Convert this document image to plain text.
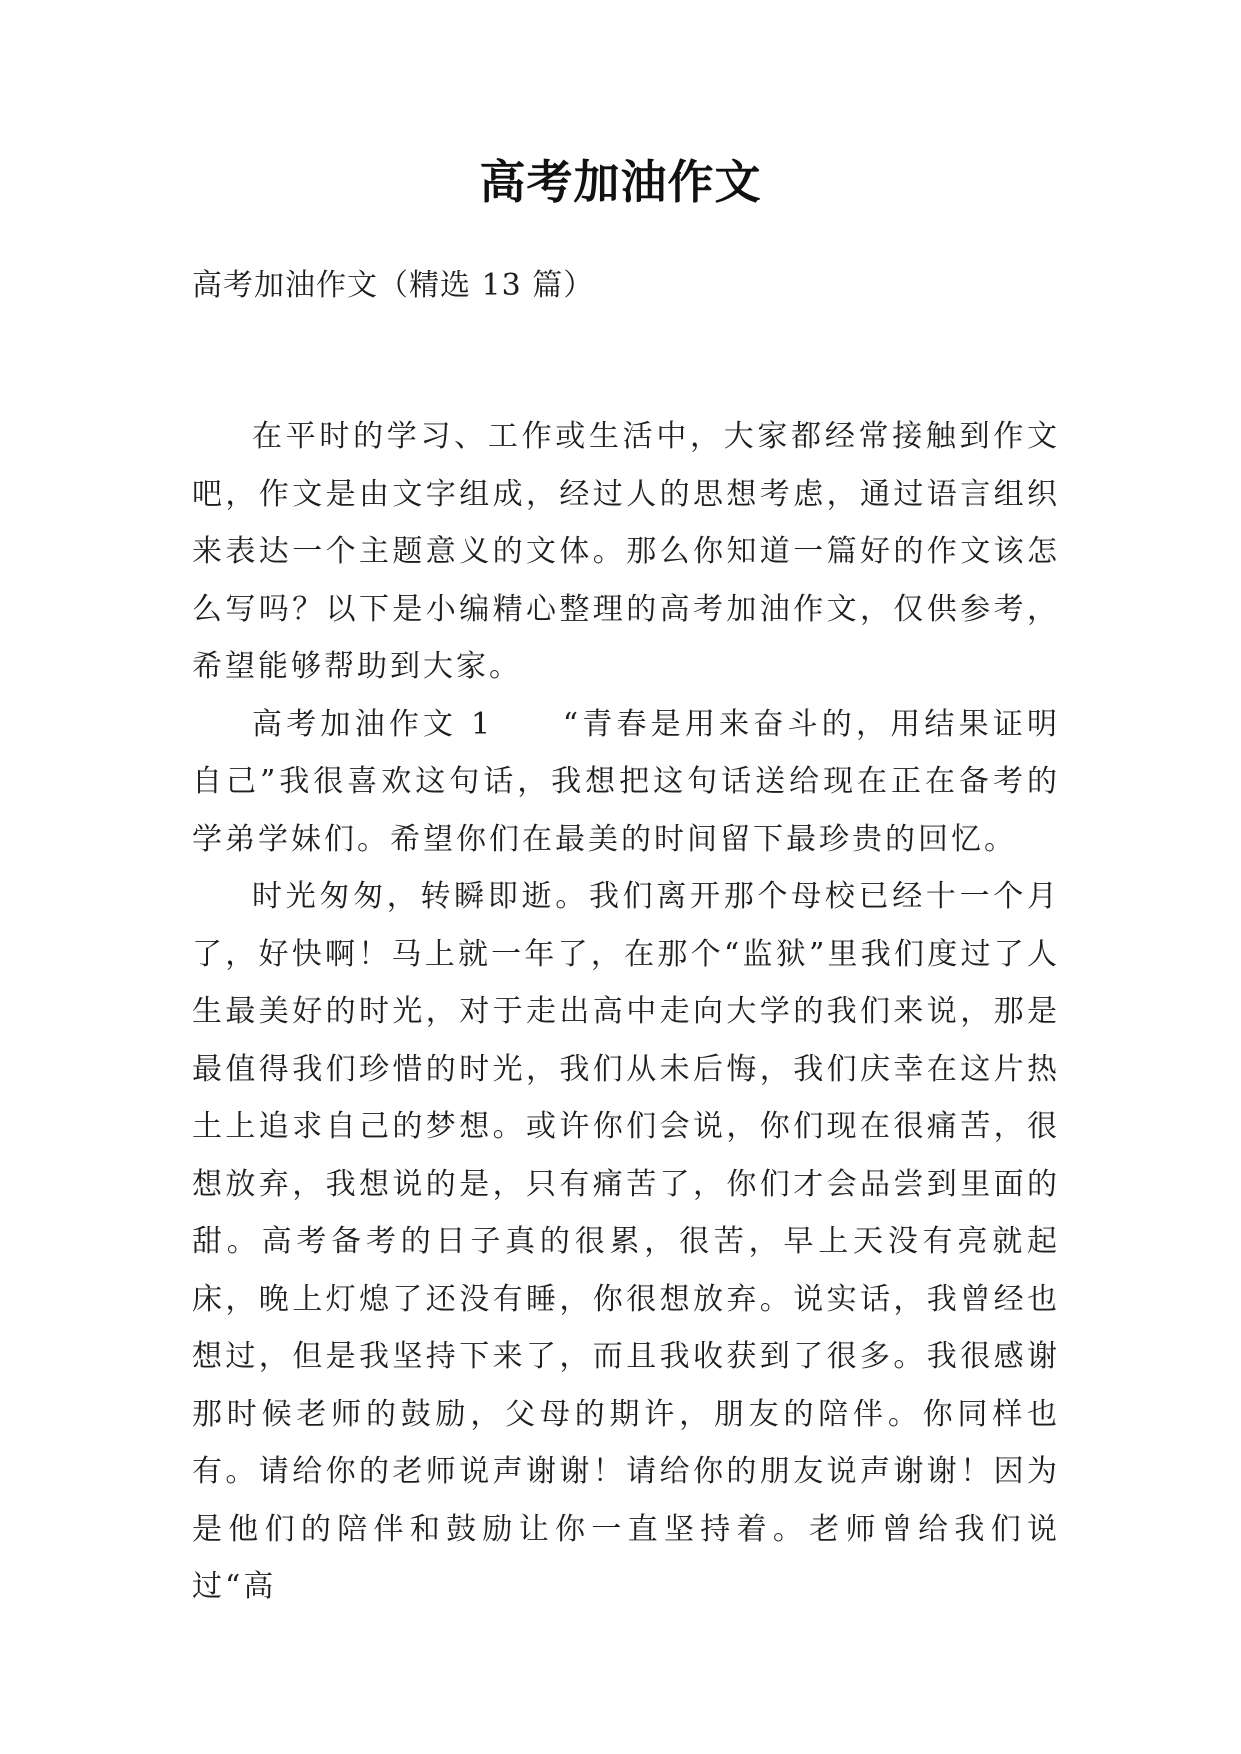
高考加油作文

高考加油作文（精选 13 篇）

在平时的学习、工作或生活中，大家都经常接触到作文吧，作文是由文字组成，经过人的思想考虑，通过语言组织来表达一个主题意义的文体。那么你知道一篇好的作文该怎么写吗？以下是小编精心整理的高考加油作文，仅供参考，希望能够帮助到大家。

高考加油作文 1　　“青春是用来奋斗的，用结果证明自己”我很喜欢这句话，我想把这句话送给现在正在备考的学弟学妹们。希望你们在最美的时间留下最珍贵的回忆。

时光匆匆，转瞬即逝。我们离开那个母校已经十一个月了，好快啊！马上就一年了，在那个“监狱”里我们度过了人生最美好的时光，对于走出高中走向大学的我们来说，那是最值得我们珍惜的时光，我们从未后悔，我们庆幸在这片热土上追求自己的梦想。或许你们会说，你们现在很痛苦，很想放弃，我想说的是，只有痛苦了，你们才会品尝到里面的甜。高考备考的日子真的很累，很苦，早上天没有亮就起床，晚上灯熄了还没有睡，你很想放弃。说实话，我曾经也想过，但是我坚持下来了，而且我收获到了很多。我很感谢那时候老师的鼓励，父母的期许，朋友的陪伴。你同样也有。请给你的老师说声谢谢！请给你的朋友说声谢谢！因为是他们的陪伴和鼓励让你一直坚持着。老师曾给我们说过“高
